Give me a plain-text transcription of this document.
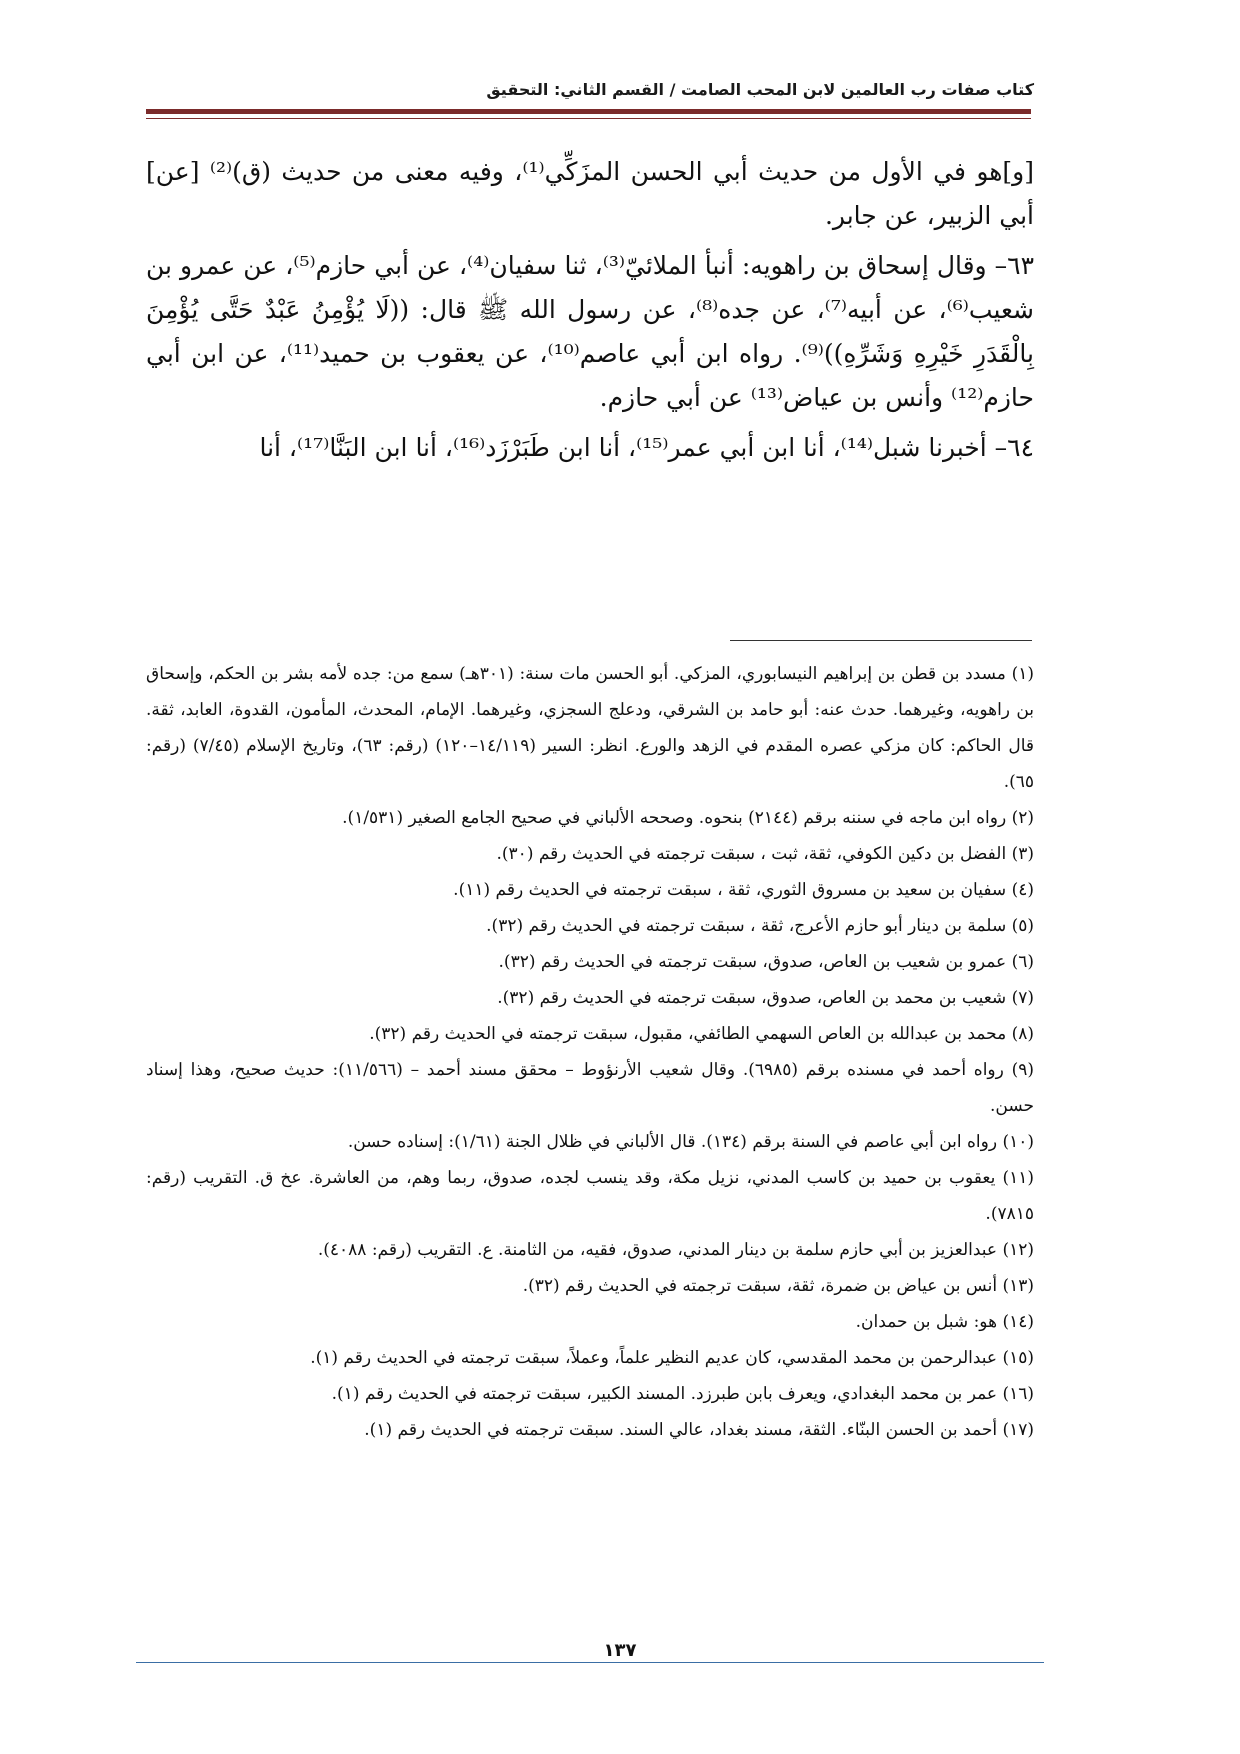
كتاب صفات رب العالمين لابن المحب الصامت / القسم الثاني: التحقيق

[و]هو في الأول من حديث أبي الحسن المزَكِّي⁽¹⁾، وفيه معنى من حديث (ق)⁽²⁾ [عن] أبي الزبير، عن جابر.

٦٣– وقال إسحاق بن راهويه: أنبأ الملائيّ⁽³⁾، ثنا سفيان⁽⁴⁾، عن أبي حازم⁽⁵⁾، عن عمرو بن شعيب⁽⁶⁾، عن أبيه⁽⁷⁾، عن جده⁽⁸⁾، عن رسول الله ﷺ قال: ((لَا يُؤْمِنُ عَبْدٌ حَتَّى يُؤْمِنَ بِالْقَدَرِ خَيْرِهِ وَشَرِّهِ))⁽⁹⁾. رواه ابن أبي عاصم⁽¹⁰⁾، عن يعقوب بن حميد⁽¹¹⁾، عن ابن أبي حازم⁽¹²⁾ وأنس بن عياض⁽¹³⁾ عن أبي حازم.

٦٤– أخبرنا شبل⁽¹⁴⁾، أنا ابن أبي عمر⁽¹⁵⁾، أنا ابن طَبَرْزَد⁽¹⁶⁾، أنا ابن البَنَّا⁽¹⁷⁾، أنا

(١) مسدد بن قطن بن إبراهيم النيسابوري، المزكي. أبو الحسن مات سنة: (٣٠١هـ) سمع من: جده لأمه بشر بن الحكم، وإسحاق بن راهويه، وغيرهما. حدث عنه: أبو حامد بن الشرقي، ودعلج السجزي، وغيرهما. الإمام، المحدث، المأمون، القدوة، العابد، ثقة. قال الحاكم: كان مزكي عصره المقدم في الزهد والورع. انظر: السير (١٤/١١٩–١٢٠) (رقم: ٦٣)، وتاريخ الإسلام (٧/٤٥) (رقم: ٦٥).

(٢) رواه ابن ماجه في سننه برقم (٢١٤٤) بنحوه. وصححه الألباني في صحيح الجامع الصغير (١/٥٣١).

(٣) الفضل بن دكين الكوفي، ثقة، ثبت ، سبقت ترجمته في الحديث رقم (٣٠).

(٤) سفيان بن سعيد بن مسروق الثوري، ثقة ، سبقت ترجمته في الحديث رقم (١١).

(٥) سلمة بن دينار أبو حازم الأعرج، ثقة ، سبقت ترجمته في الحديث رقم (٣٢).

(٦) عمرو بن شعيب بن العاص، صدوق، سبقت ترجمته في الحديث رقم (٣٢).

(٧) شعيب بن محمد بن العاص، صدوق، سبقت ترجمته في الحديث رقم (٣٢).

(٨) محمد بن عبدالله بن العاص السهمي الطائفي، مقبول، سبقت ترجمته في الحديث رقم (٣٢).

(٩) رواه أحمد في مسنده برقم (٦٩٨٥). وقال شعيب الأرنؤوط – محقق مسند أحمد – (١١/٥٦٦): حديث صحيح، وهذا إسناد حسن.

(١٠) رواه ابن أبي عاصم في السنة برقم (١٣٤). قال الألباني في ظلال الجنة (١/٦١): إسناده حسن.

(١١) يعقوب بن حميد بن كاسب المدني، نزيل مكة، وقد ينسب لجده، صدوق، ربما وهم، من العاشرة. عخ ق. التقريب (رقم: ٧٨١٥).

(١٢) عبدالعزيز بن أبي حازم سلمة بن دينار المدني، صدوق، فقيه، من الثامنة. ع. التقريب (رقم: ٤٠٨٨).

(١٣) أنس بن عياض بن ضمرة، ثقة، سبقت ترجمته في الحديث رقم (٣٢).

(١٤) هو: شبل بن حمدان.

(١٥) عبدالرحمن بن محمد المقدسي، كان عديم النظير علماً، وعملاً، سبقت ترجمته في الحديث رقم (١).

(١٦) عمر بن محمد البغدادي، ويعرف بابن طبرزد. المسند الكبير، سبقت ترجمته في الحديث رقم (١).

(١٧) أحمد بن الحسن البنّاء. الثقة، مسند بغداد، عالي السند. سبقت ترجمته في الحديث رقم (١).

١٣٧
